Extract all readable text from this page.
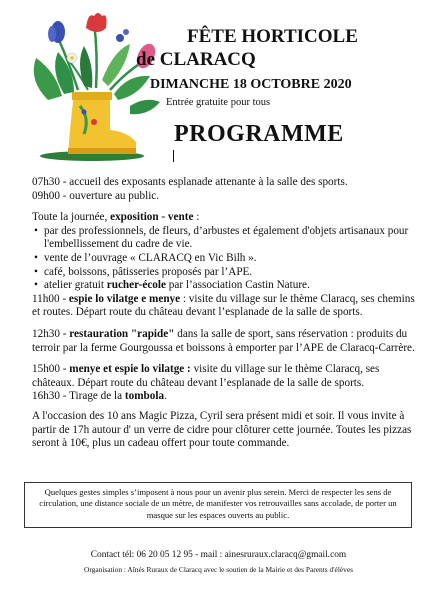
FÊTE HORTICOLE
de CLARACQ
DIMANCHE 18 OCTOBRE 2020
Entrée gratuite pour tous
PROGRAMME

07h30 - accueil des exposants esplanade attenante à la salle des sports.

09h00 - ouverture au public.

Toute la journée, exposition - vente :

• par des professionnels, de fleurs, d’arbustes et également d'objets artisanaux pour l'embellissement du cadre de vie.

• vente de l’ouvrage « CLARACQ en Vic Bilh ».

• café, boissons, pâtisseries proposés par l’APE.

• atelier gratuit rucher-école par l’association Castin Nature.

11h00 - espie lo vilatge e menye : visite du village sur le thème Claracq, ses chemins et routes. Départ route du château devant l’esplanade de la salle de sports.

12h30 - restauration "rapide" dans la salle de sport, sans réservation : produits du terroir par la ferme Gourgoussa et boissons à emporter par l’APE de Claracq-Carrère.

15h00 - menye et espie lo vilatge : visite du village sur le thème Claracq, ses châteaux. Départ route du château devant l’esplanade de la salle de sports.

16h30 - Tirage de la tombola.

A l'occasion des 10 ans Magic Pizza, Cyril sera présent midi et soir. Il vous invite à partir de 17h autour d' un verre de cidre pour clôturer cette journée. Toutes les pizzas seront à 10€, plus un cadeau offert pour toute commande.

Quelques gestes simples s’imposent à nous pour un avenir plus serein. Merci de respecter les sens de circulation, une distance sociale de un mètre, de manifester vos retrouvailles sans accolade, de porter un masque sur les espaces ouverts au public.
Contact tél: 06 20 05 12 95 - mail : ainesruraux.claracq@gmail.com
Organisation : Aînés Ruraux de Claracq avec le soutien de la Mairie et des Parents d'élèves
